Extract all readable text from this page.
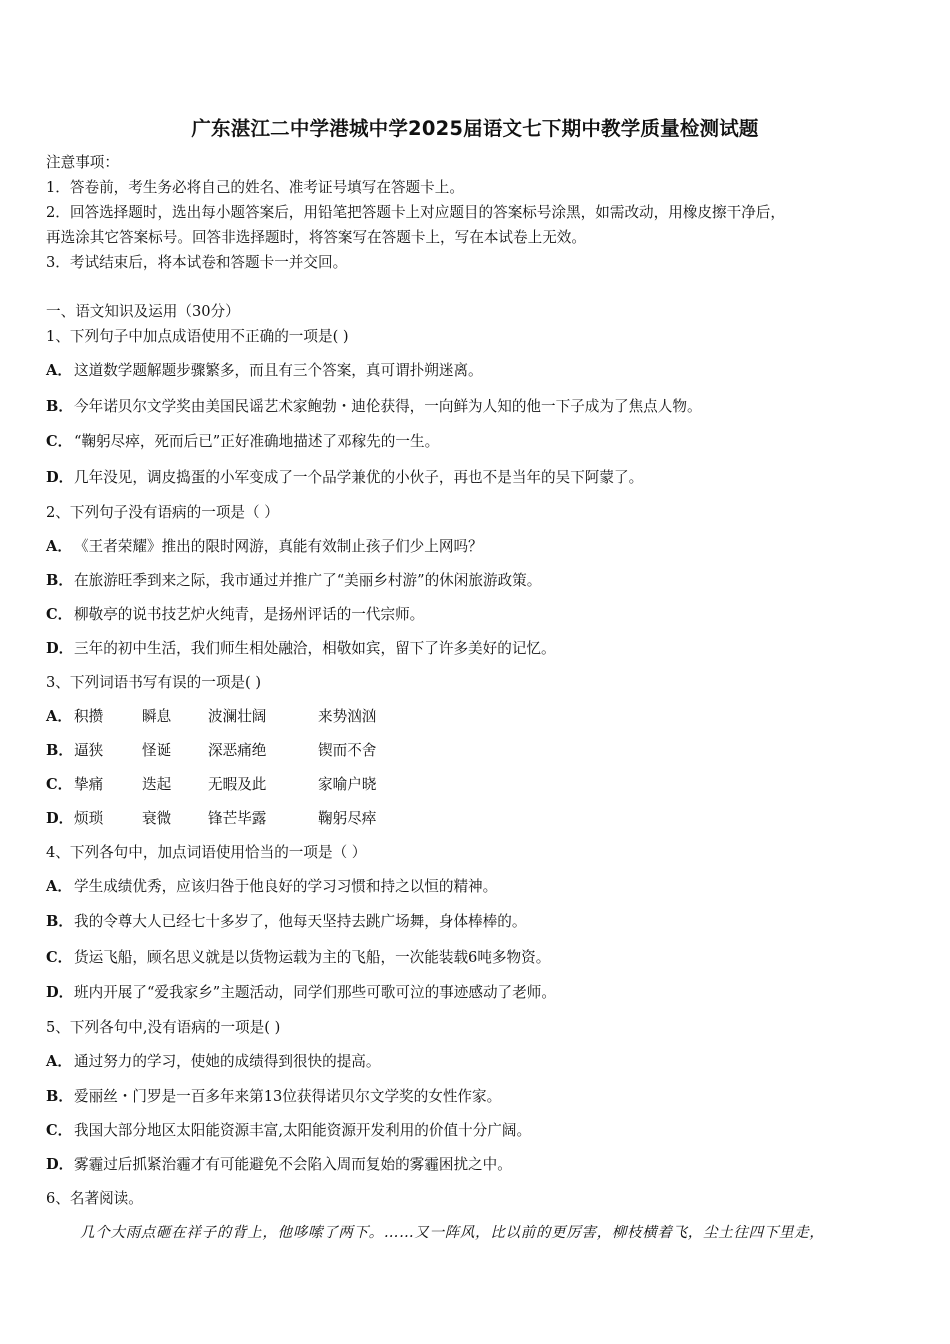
广东湛江二中学港城中学2025届语文七下期中教学质量检测试题
注意事项：
1．答卷前，考生务必将自己的姓名、准考证号填写在答题卡上。
2．回答选择题时，选出每小题答案后，用铅笔把答题卡上对应题目的答案标号涂黑，如需改动，用橡皮擦干净后，
再选涂其它答案标号。回答非选择题时，将答案写在答题卡上，写在本试卷上无效。
3．考试结束后，将本试卷和答题卡一并交回。
一、语文知识及运用（30分）
1、下列句子中加点成语使用不正确的一项是( )
A． 这道数学题解题步骤繁多，而且有三个答案，真可谓扑朔迷离。
B．今年诺贝尔文学奖由美国民谣艺术家鲍勃・迪伦获得，一向鲜为人知的他一下子成为了焦点人物。
C． “鞠躬尽瘁，死而后已”正好准确地描述了邓稼先的一生。
D．几年没见，调皮捣蛋的小军变成了一个品学兼优的小伙子，再也不是当年的吴下阿蒙了。
2、下列句子没有语病的一项是（ ）
A． 《王者荣耀》推出的限时网游，真能有效制止孩子们少上网吗？
B．在旅游旺季到来之际，我市通过并推广了“美丽乡村游”的休闲旅游政策。
C． 柳敬亭的说书技艺炉火纯青，是扬州评话的一代宗师。
D．三年的初中生活，我们师生相处融洽，相敬如宾，留下了许多美好的记忆。
3、下列词语书写有误的一项是( )
A． 积攒	瞬息	波澜壮阔	来势汹汹
B．逼狭	怪诞	深恶痛绝	锲而不舍
C． 挚痛	迭起	无暇及此	家喻户晓
D．烦琐	衰微	锋芒毕露	鞠躬尽瘁
4、下列各句中，加点词语使用恰当的一项是（ ）
A． 学生成绩优秀，应该归咎于他良好的学习习惯和持之以恒的精神。
B．我的令尊大人已经七十多岁了，他每天坚持去跳广场舞，身体棒棒的。
C． 货运飞船，顾名思义就是以货物运载为主的飞船，一次能装载6吨多物资。
D．班内开展了“爱我家乡”主题活动，同学们那些可歌可泣的事迹感动了老师。
5、下列各句中,没有语病的一项是( )
A． 通过努力的学习，使她的成绩得到很快的提高。
B．爱丽丝・门罗是一百多年来第13位获得诺贝尔文学奖的女性作家。
C． 我国大部分地区太阳能资源丰富,太阳能资源开发利用的价值十分广阔。
D．雾霾过后抓紧治霾才有可能避免不会陷入周而复始的雾霾困扰之中。
6、名著阅读。
几个大雨点砸在祥子的背上，他哆嗦了两下。……又一阵风，比以前的更厉害，柳枝横着飞，尘土往四下里走，
